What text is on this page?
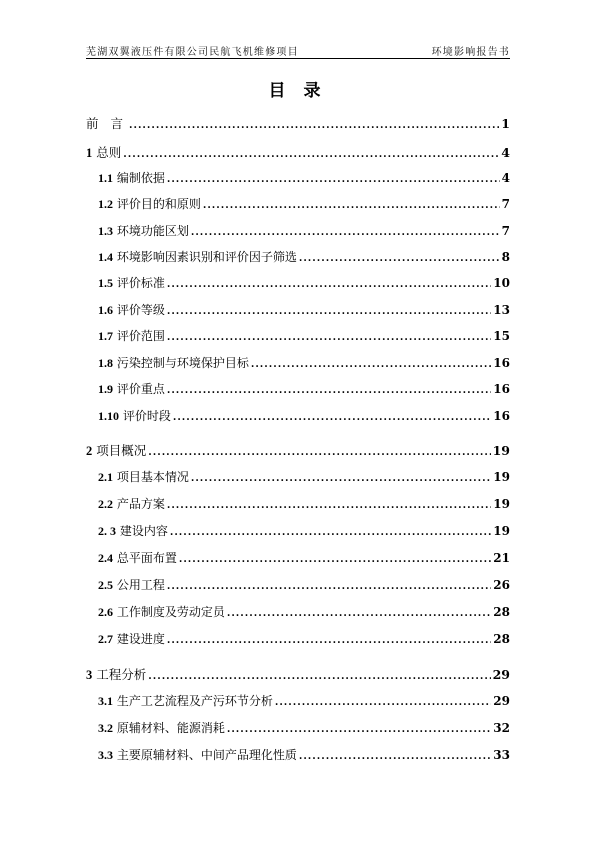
芜湖双翼液压件有限公司民航飞机维修项目	环境影响报告书
目 录
前 言 .....	1
1 总则 .....	4
1.1 编制依据 .....	4
1.2 评价目的和原则 .....	7
1.3 环境功能区划 .....	7
1.4 环境影响因素识别和评价因子筛选 .....	8
1.5 评价标准 .....	10
1.6 评价等级 .....	13
1.7 评价范围 .....	15
1.8 污染控制与环境保护目标 .....	16
1.9 评价重点 .....	16
1.10 评价时段 .....	16
2 项目概况 .....	19
2.1 项目基本情况 .....	19
2.2 产品方案 .....	19
2. 3 建设内容 .....	19
2.4 总平面布置 .....	21
2.5 公用工程 .....	26
2.6 工作制度及劳动定员 .....	28
2.7 建设进度 .....	28
3 工程分析 .....	29
3.1 生产工艺流程及产污环节分析 .....	29
3.2 原辅材料、能源消耗 .....	32
3.3 主要原辅材料、中间产品理化性质 .....	33
